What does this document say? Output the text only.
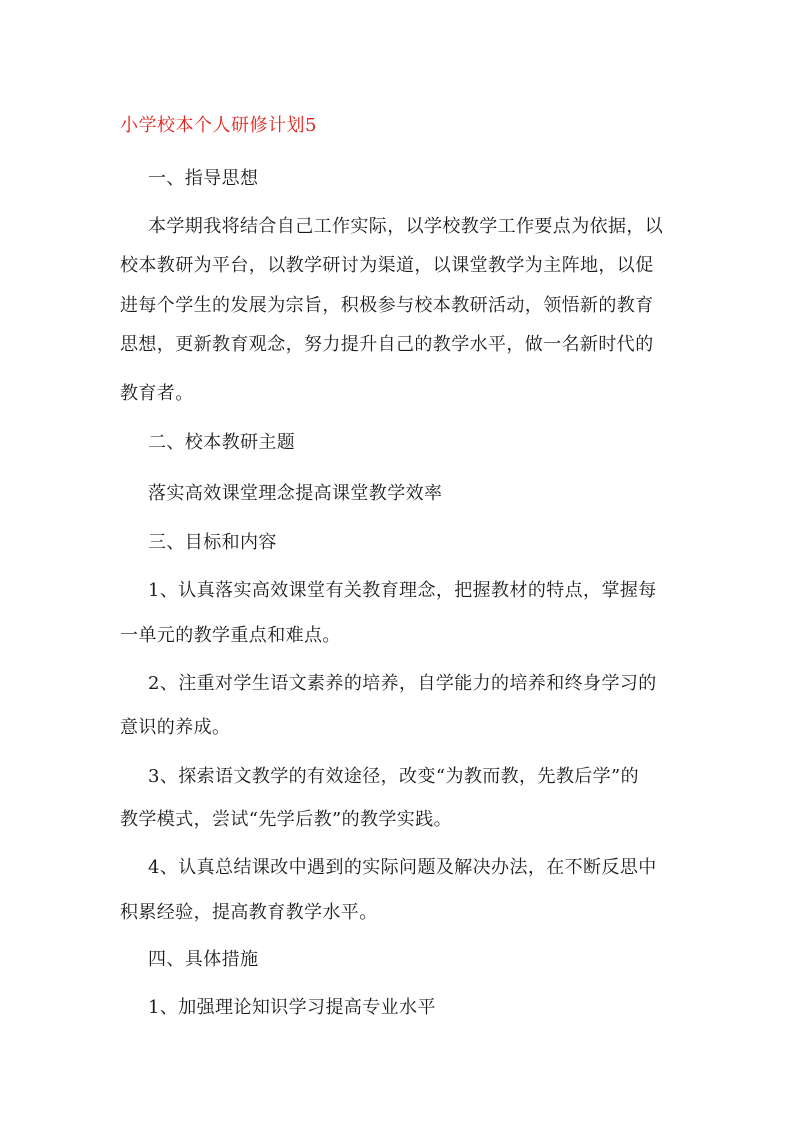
小学校本个人研修计划5
一、指导思想
本学期我将结合自己工作实际，以学校教学工作要点为依据，以
校本教研为平台，以教学研讨为渠道，以课堂教学为主阵地，以促
进每个学生的发展为宗旨，积极参与校本教研活动，领悟新的教育
思想，更新教育观念，努力提升自己的教学水平，做一名新时代的
教育者。
二、校本教研主题
落实高效课堂理念提高课堂教学效率
三、目标和内容
1、认真落实高效课堂有关教育理念，把握教材的特点，掌握每
一单元的教学重点和难点。
2、注重对学生语文素养的培养，自学能力的培养和终身学习的
意识的养成。
3、探索语文教学的有效途径，改变“为教而教，先教后学”的
教学模式，尝试“先学后教”的教学实践。
4、认真总结课改中遇到的实际问题及解决办法，在不断反思中
积累经验，提高教育教学水平。
四、具体措施
1、加强理论知识学习提高专业水平
